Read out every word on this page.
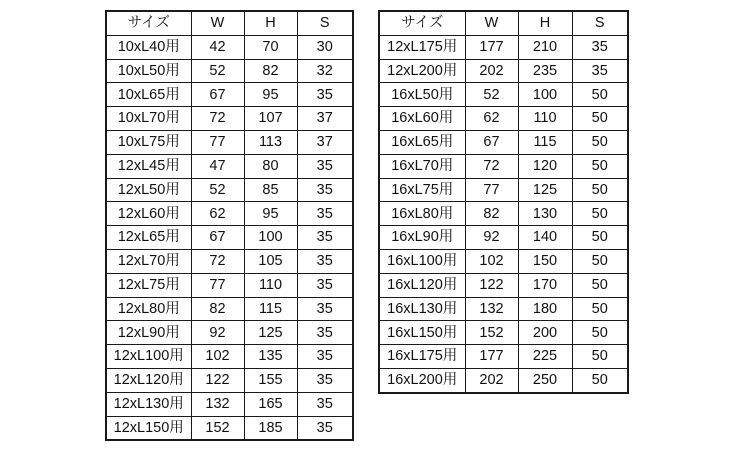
サイズ	W	H	S
10xL40用	42	70	30
10xL50用	52	82	32
10xL65用	67	95	35
10xL70用	72	107	37
10xL75用	77	113	37
12xL45用	47	80	35
12xL50用	52	85	35
12xL60用	62	95	35
12xL65用	67	100	35
12xL70用	72	105	35
12xL75用	77	110	35
12xL80用	82	115	35
12xL90用	92	125	35
12xL100用	102	135	35
12xL120用	122	155	35
12xL130用	132	165	35
12xL150用	152	185	35
サイズ	W	H	S
12xL175用	177	210	35
12xL200用	202	235	35
16xL50用	52	100	50
16xL60用	62	110	50
16xL65用	67	115	50
16xL70用	72	120	50
16xL75用	77	125	50
16xL80用	82	130	50
16xL90用	92	140	50
16xL100用	102	150	50
16xL120用	122	170	50
16xL130用	132	180	50
16xL150用	152	200	50
16xL175用	177	225	50
16xL200用	202	250	50
